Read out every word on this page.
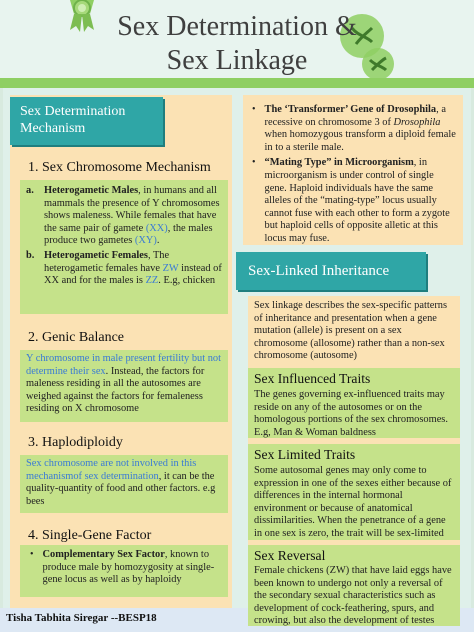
Sex Determination &
Sex Linkage
Sex Determination Mechanism
1. Sex Chromosome Mechanism
a. Heterogametic Males, in humans and all mammals the presence of Y chromosomes shows maleness. While females that have the same pair of gamete (XX), the males produce two gametes (XY).
b. Heterogametic Females, The heterogametic females have ZW instead of XX and for the males is ZZ. E.g, chicken
2. Genic Balance
Y chromosome in male present fertility but not determine their sex. Instead, the factors for maleness residing in all the autosomes are weighed against the factors for femaleness residing on X chromosome
3. Haplodiploidy
Sex chromosome are not involved in this mechanismof sex determination, it can be the quality-quantity of food and other factors. e.g bees
4. Single-Gene Factor
• Complementary Sex Factor, known to produce male by homozygosity at single-gene locus as well as by haploidy
Tisha Tabhita Siregar --BESP18
• The ‘Transformer’ Gene of Drosophila, a recessive on chromosome 3 of Drosophila when homozygous transform a diploid female in to a sterile male.
• “Mating Type” in Microorganism, in microorganism is under control of single gene. Haploid individuals have the same alleles of the “mating-type” locus usually cannot fuse with each other to form a zygote but haploid cells of opposite alletic at this locus may fuse.
Sex-Linked Inheritance
Sex linkage describes the sex-specific patterns of inheritance and presentation when a gene mutation (allele) is present on a sex chromosome (allosome) rather than a non-sex chromosome (autosome)
Sex Influenced Traits
The genes governing ex-influenced traits may reside on any of the autosomes or on the homologous portions of the sex chromosomes. E.g, Man & Woman baldness
Sex Limited Traits
Some autosomal genes may only come to expression in one of the sexes either because of differences in the internal hormonal environment or because of anatomical dissimilarities. When the penetrance of a gene in one sex is zero, the trait will be sex-limited
Sex Reversal
Female chickens (ZW) that have laid eggs have been known to undergo not only a reversal of the secondary sexual characteristics such as development of cock-feathering, spurs, and crowing, but also the development of testes
